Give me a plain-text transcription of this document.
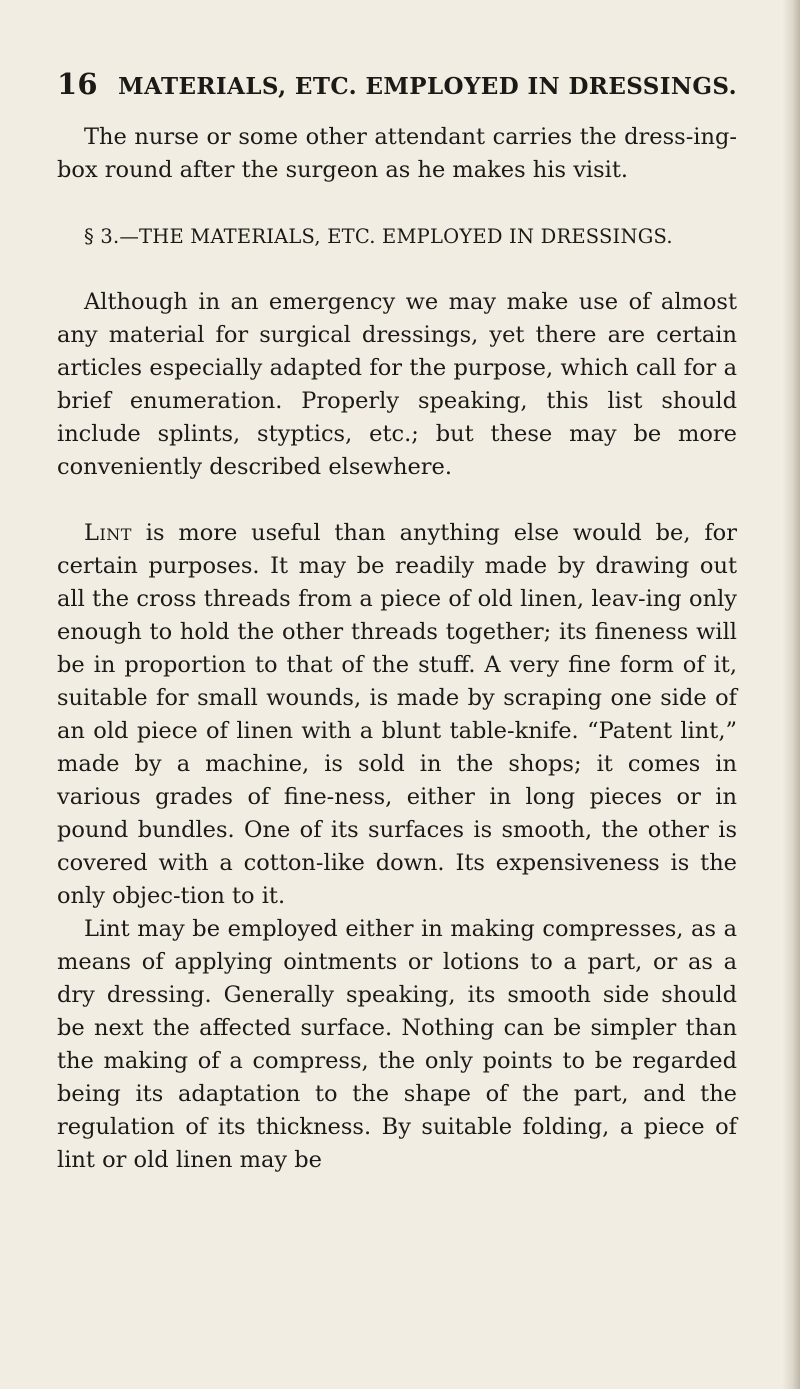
16 MATERIALS, ETC. EMPLOYED IN DRESSINGS.

The nurse or some other attendant carries the dress-ing-box round after the surgeon as he makes his visit.

§ 3.—THE MATERIALS, ETC. EMPLOYED IN DRESSINGS.

Although in an emergency we may make use of almost any material for surgical dressings, yet there are certain articles especially adapted for the purpose, which call for a brief enumeration. Properly speaking, this list should include splints, styptics, etc.; but these may be more conveniently described elsewhere.

Lint is more useful than anything else would be, for certain purposes. It may be readily made by drawing out all the cross threads from a piece of old linen, leav-ing only enough to hold the other threads together; its fineness will be in proportion to that of the stuff. A very fine form of it, suitable for small wounds, is made by scraping one side of an old piece of linen with a blunt table-knife. “Patent lint,” made by a machine, is sold in the shops; it comes in various grades of fine-ness, either in long pieces or in pound bundles. One of its surfaces is smooth, the other is covered with a cotton-like down. Its expensiveness is the only objec-tion to it.

Lint may be employed either in making compresses, as a means of applying ointments or lotions to a part, or as a dry dressing. Generally speaking, its smooth side should be next the affected surface. Nothing can be simpler than the making of a compress, the only points to be regarded being its adaptation to the shape of the part, and the regulation of its thickness. By suitable folding, a piece of lint or old linen may be
